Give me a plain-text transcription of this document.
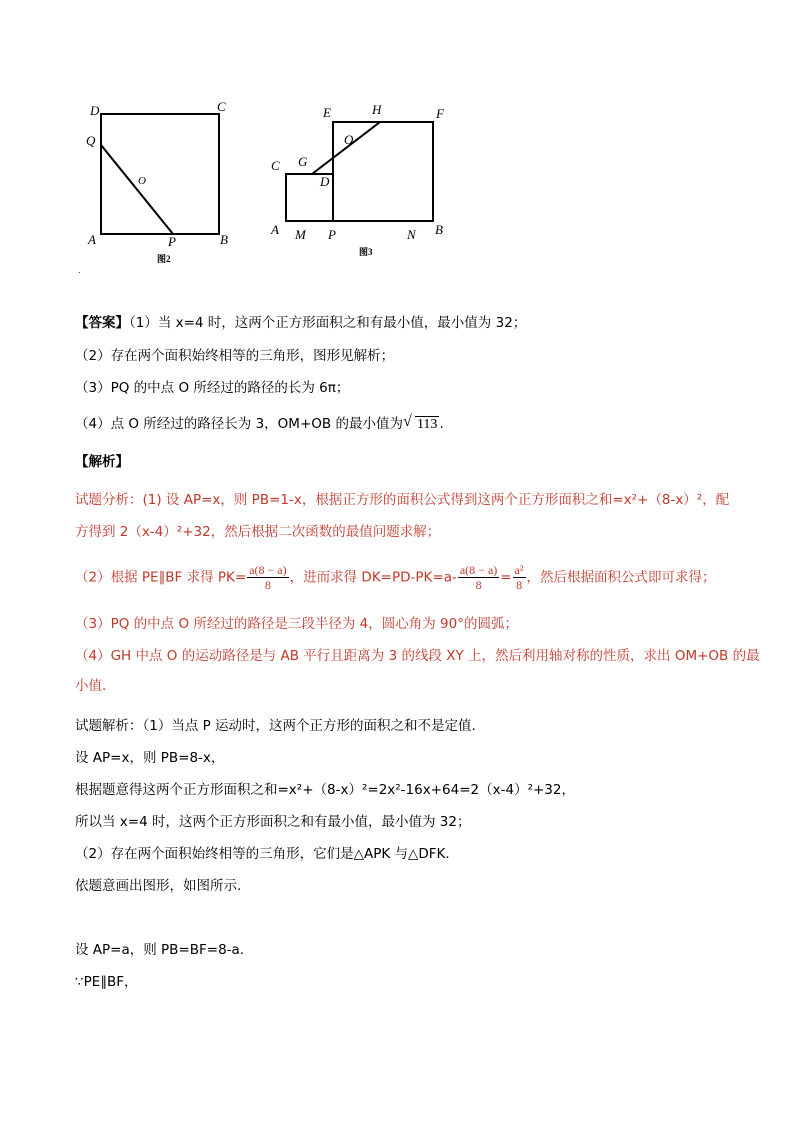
D	C
Q
O
A	P	B
图2
E	H	F
O
C G
D
A M P	N B
图3
.
【答案】（1）当 x=4 时，这两个正方形面积之和有最小值，最小值为 32；
（2）存在两个面积始终相等的三角形，图形见解析；
（3）PQ 的中点 O 所经过的路径的长为 6π；
（4）点 O 所经过的路径长为 3，OM+OB 的最小值为 √ 113 .
【解析】
试题分析：(1) 设 AP=x，则 PB=1-x，根据正方形的面积公式得到这两个正方形面积之和=x²+（8-x）²，配
方得到 2（x-4）²+32，然后根据二次函数的最值问题求解；
（2）根据 PE∥BF 求得 $PK= \frac{a(8 - a)}{8}$ ，进而求得 $DK=PD-PK=a- \frac{a(8 - a)}{8} = \frac{\text{a²}}{8}$ ，然后根据面积公式即可求得；
（3）PQ 的中点 O 所经过的路径是三段半径为 4，圆心角为 90°的圆弧；
（4）GH 中点 O 的运动路径是与 AB 平行且距离为 3 的线段 XY 上，然后利用轴对称的性质，求出 OM+OB 的最
小值.
试题解析：（1）当点 P 运动时，这两个正方形的面积之和不是定值.
设 AP=x，则 PB=8-x，
根据题意得这两个正方形面积之和=x²+（8-x）²=2x²-16x+64=2（x-4）²+32，
所以当 x=4 时，这两个正方形面积之和有最小值，最小值为 32；
（2）存在两个面积始终相等的三角形，它们是△APK 与△DFK.
依题意画出图形，如图所示.
设 AP=a，则 PB=BF=8-a.
∵PE∥BF，
